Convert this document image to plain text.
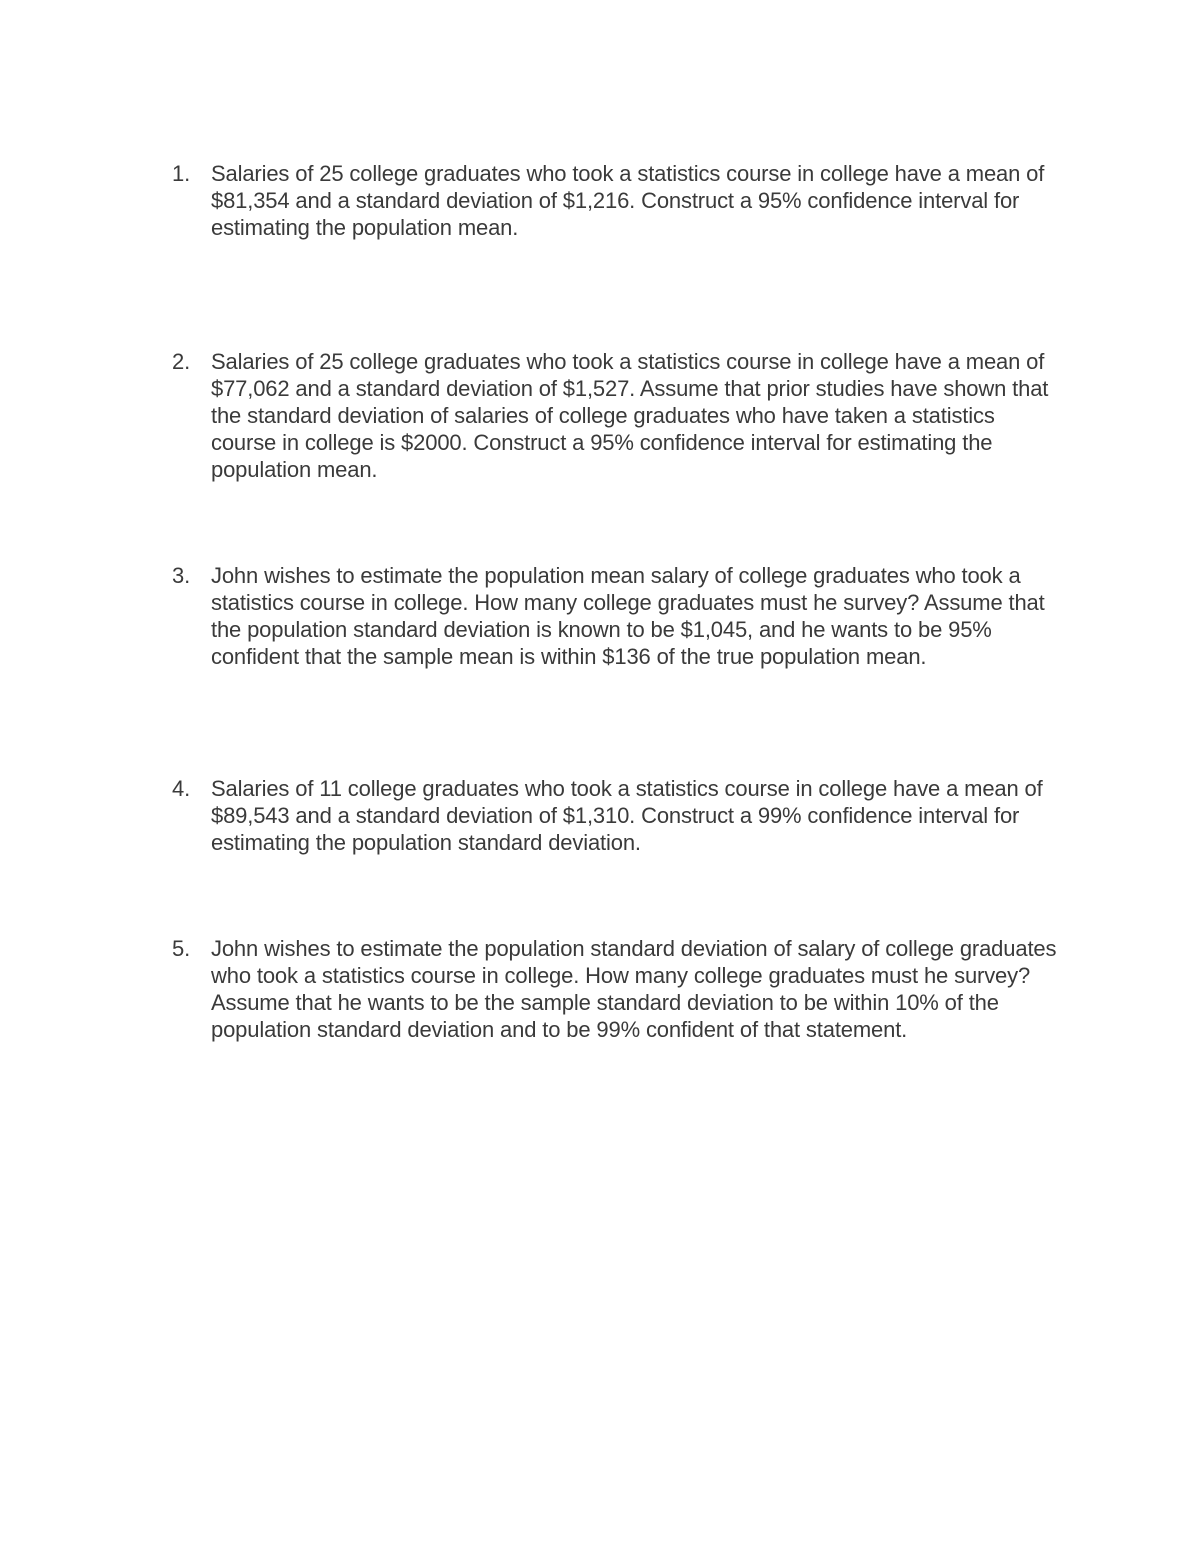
1. Salaries of 25 college graduates who took a statistics course in college have a mean of $81,354 and a standard deviation of $1,216. Construct a 95% confidence interval for estimating the population mean.
2. Salaries of 25 college graduates who took a statistics course in college have a mean of $77,062 and a standard deviation of $1,527. Assume that prior studies have shown that the standard deviation of salaries of college graduates who have taken a statistics course in college is $2000. Construct a 95% confidence interval for estimating the population mean.
3. John wishes to estimate the population mean salary of college graduates who took a statistics course in college. How many college graduates must he survey? Assume that the population standard deviation is known to be $1,045, and he wants to be 95% confident that the sample mean is within $136 of the true population mean.
4. Salaries of 11 college graduates who took a statistics course in college have a mean of $89,543 and a standard deviation of $1,310. Construct a 99% confidence interval for estimating the population standard deviation.
5. John wishes to estimate the population standard deviation of salary of college graduates who took a statistics course in college. How many college graduates must he survey? Assume that he wants to be the sample standard deviation to be within 10% of the population standard deviation and to be 99% confident of that statement.
